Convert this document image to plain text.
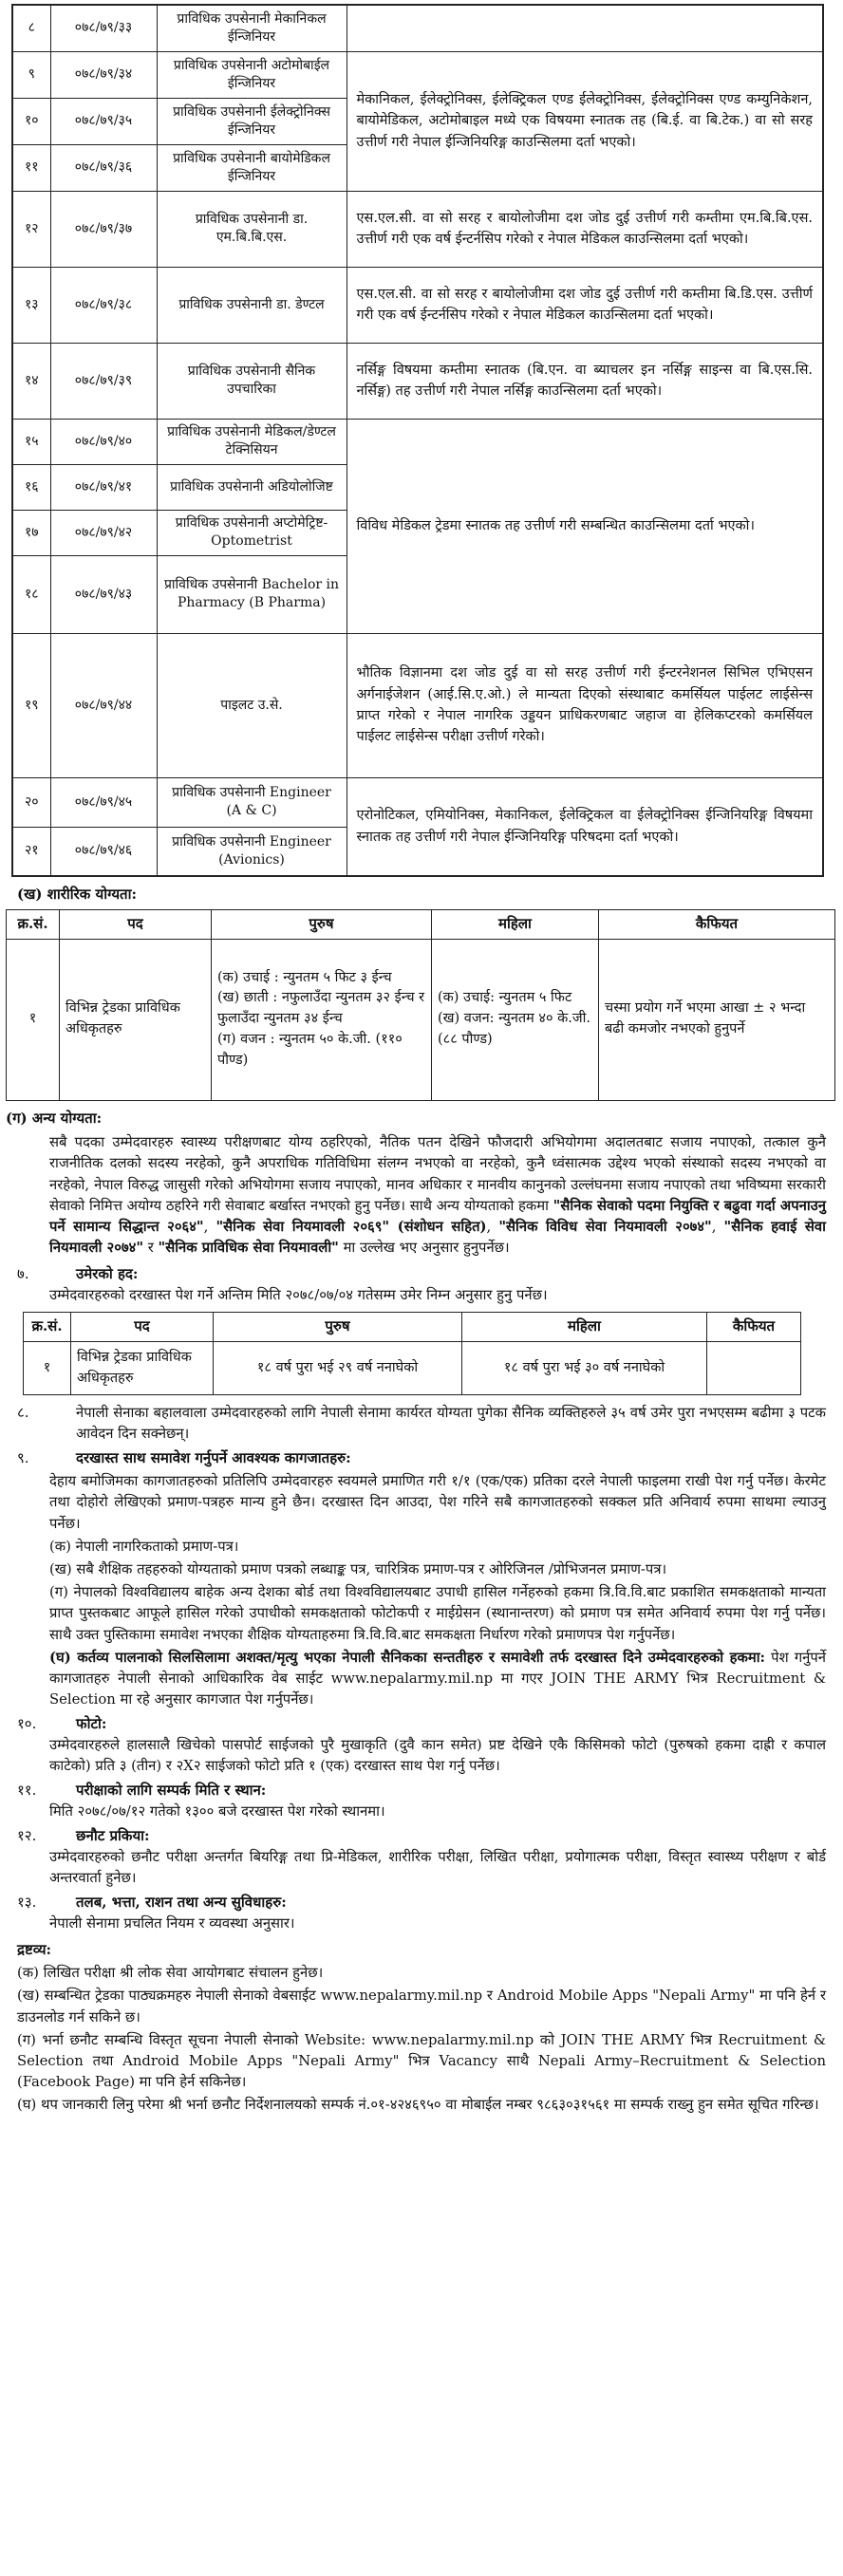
८	०७८/७९/३३	प्राविधिक उपसेनानी मेकानिकल ईन्जिनियर	
९	०७८/७९/३४	प्राविधिक उपसेनानी अटोमोबाईल ईन्जिनियर	मेकानिकल, ईलेक्ट्रोनिक्स, ईलेक्ट्रिकल एण्ड ईलेक्ट्रोनिक्स, ईलेक्ट्रोनिक्स एण्ड कम्युनिकेशन, बायोमेडिकल, अटोमोबाइल मध्ये एक विषयमा स्नातक तह (बि.ई. वा बि.टेक.) वा सो सरह उत्तीर्ण गरी नेपाल ईन्जिनियरिङ्ग काउन्सिलमा दर्ता भएको।
१०	०७८/७९/३५	प्राविधिक उपसेनानी ईलेक्ट्रोनिक्स ईन्जिनियर	
११	०७८/७९/३६	प्राविधिक उपसेनानी बायोमेडिकल ईन्जिनियर	
१२	०७८/७९/३७	प्राविधिक उपसेनानी डा. एम.बि.बि.एस.	एस.एल.सी. वा सो सरह र बायोलोजीमा दश जोड दुई उत्तीर्ण गरी कम्तीमा एम.बि.बि.एस. उत्तीर्ण गरी एक वर्ष ईन्टर्नसिप गरेको र नेपाल मेडिकल काउन्सिलमा दर्ता भएको।
१३	०७८/७९/३८	प्राविधिक उपसेनानी डा. डेण्टल	एस.एल.सी. वा सो सरह र बायोलोजीमा दश जोड दुई उत्तीर्ण गरी कम्तीमा बि.डि.एस. उत्तीर्ण गरी एक वर्ष ईन्टर्नसिप गरेको र नेपाल मेडिकल काउन्सिलमा दर्ता भएको।
१४	०७८/७९/३९	प्राविधिक उपसेनानी सैनिक उपचारिका	नर्सिङ्ग विषयमा कम्तीमा स्नातक (बि.एन. वा ब्याचलर इन नर्सिङ्ग साइन्स वा बि.एस.सि. नर्सिङ्ग) तह उत्तीर्ण गरी नेपाल नर्सिङ्ग काउन्सिलमा दर्ता भएको।
१५	०७८/७९/४०	प्राविधिक उपसेनानी मेडिकल/डेण्टल टेक्निसियन	विविध मेडिकल ट्रेडमा स्नातक तह उत्तीर्ण गरी सम्बन्धित काउन्सिलमा दर्ता भएको।
१६	०७८/७९/४१	प्राविधिक उपसेनानी अडियोलोजिष्ट	
१७	०७८/७९/४२	प्राविधिक उपसेनानी अप्टोमेट्रिष्ट- Optometrist	
१८	०७८/७९/४३	प्राविधिक उपसेनानी Bachelor in Pharmacy (B Pharma)	
१९	०७८/७९/४४	पाइलट उ.से.	भौतिक विज्ञानमा दश जोड दुई वा सो सरह उत्तीर्ण गरी ईन्टरनेशनल सिभिल एभिएसन अर्गनाईजेशन (आई.सि.ए.ओ.) ले मान्यता दिएको संस्थाबाट कमर्सियल पाईलट लाईसेन्स प्राप्त गरेको र नेपाल नागरिक उड्डयन प्राधिकरणबाट जहाज वा हेलिकप्टरको कमर्सियल पाईलट लाईसेन्स परीक्षा उत्तीर्ण गरेको।
२०	०७८/७९/४५	प्राविधिक उपसेनानी Engineer (A & C)	एरोनोटिकल, एमियोनिक्स, मेकानिकल, ईलेक्ट्रिकल वा ईलेक्ट्रोनिक्स ईन्जिनियरिङ्ग विषयमा स्नातक तह उत्तीर्ण गरी नेपाल ईन्जिनियरिङ्ग परिषदमा दर्ता भएको।
२१	०७८/७९/४६	प्राविधिक उपसेनानी Engineer (Avionics)	
(ख) शारीरिक योग्यता:
क्र.सं.	पद	पुरुष	महिला	कैफियत
१	विभिन्न ट्रेडका प्राविधिक अधिकृतहरु	(क) उचाई : न्युनतम ५ फिट ३ ईन्च
(ख) छाती : नफुलाउँदा न्युनतम ३२ ईन्च र फुलाउँदा न्युनतम ३४ ईन्च
(ग) वजन : न्युनतम ५० के.जी. (११० पौण्ड)	(क) उचाई: न्युनतम ५ फिट
(ख) वजन: न्युनतम ४० के.जी. (८८ पौण्ड)	चस्मा प्रयोग गर्ने भएमा आखा ± २ भन्दा बढी कमजोर नभएको हुनुपर्ने
(ग) अन्य योग्यता:
सबै पदका उम्मेदवारहरु स्वास्थ्य परीक्षणबाट योग्य ठहरिएको, नैतिक पतन देखिने फौजदारी अभियोगमा अदालतबाट सजाय नपाएको, तत्काल कुनै राजनीतिक दलको सदस्य नरहेको, कुनै अपराधिक गतिविधिमा संलग्न नभएको वा नरहेको, कुनै ध्वंसात्मक उद्देश्य भएको संस्थाको सदस्य नभएको वा नरहेको, नेपाल विरुद्ध जासुसी गरेको अभियोगमा सजाय नपाएको, मानव अधिकार र मानवीय कानुनको उल्लंघनमा सजाय नपाएको तथा भविष्यमा सरकारी सेवाको निमित्त अयोग्य ठहरिने गरी सेवाबाट बर्खास्त नभएको हुनु पर्नेछ। साथै अन्य योग्यताको हकमा "सैनिक सेवाको पदमा नियुक्ति र बढुवा गर्दा अपनाउनु पर्ने सामान्य सिद्धान्त २०६४", "सैनिक सेवा नियमावली २०६९" (संशोधन सहित), "सैनिक विविध सेवा नियमावली २०७४", "सैनिक हवाई सेवा नियमावली २०७४" र "सैनिक प्राविधिक सेवा नियमावली" मा उल्लेख भए अनुसार हुनुपर्नेछ।
७.	उमेरको हद:
उम्मेदवारहरुको दरखास्त पेश गर्ने अन्तिम मिति २०७८/०७/०४ गतेसम्म उमेर निम्न अनुसार हुनु पर्नेछ।
क्र.सं.	पद	पुरुष	महिला	कैफियत
१	विभिन्न ट्रेडका प्राविधिक अधिकृतहरु	१८ वर्ष पुरा भई २९ वर्ष ननाघेको	१८ वर्ष पुरा भई ३० वर्ष ननाघेको	
८.	नेपाली सेनाका बहालवाला उम्मेदवारहरुको लागि नेपाली सेनामा कार्यरत योग्यता पुगेका सैनिक व्यक्तिहरुले ३५ वर्ष उमेर पुरा नभएसम्म बढीमा ३ पटक आवेदन दिन सक्नेछन्।
९.	दरखास्त साथ समावेश गर्नुपर्ने आवश्यक कागजातहरु:
देहाय बमोजिमका कागजातहरुको प्रतिलिपि उम्मेदवारहरु स्वयमले प्रमाणित गरी १/१ (एक/एक) प्रतिका दरले नेपाली फाइलमा राखी पेश गर्नु पर्नेछ। केरमेट तथा दोहोरो लेखिएको प्रमाण-पत्रहरु मान्य हुने छैन। दरखास्त दिन आउदा, पेश गरिने सबै कागजातहरुको सक्कल प्रति अनिवार्य रुपमा साथमा ल्याउनु पर्नेछ।
(क) नेपाली नागरिकताको प्रमाण-पत्र।
(ख) सबै शैक्षिक तहहरुको योग्यताको प्रमाण पत्रको लब्धाङ्क पत्र, चारित्रिक प्रमाण-पत्र र ओरिजिनल /प्रोभिजनल प्रमाण-पत्र।
(ग) नेपालको विश्वविद्यालय बाहेक अन्य देशका बोर्ड तथा विश्वविद्यालयबाट उपाधी हासिल गर्नेहरुको हकमा त्रि.वि.वि.बाट प्रकाशित समकक्षताको मान्यता प्राप्त पुस्तकबाट आफूले हासिल गरेको उपाधीको समकक्षताको फोटोकपी र माईग्रेसन (स्थानान्तरण) को प्रमाण पत्र समेत अनिवार्य रुपमा पेश गर्नु पर्नेछ। साथै उक्त पुस्तिकामा समावेश नभएका शैक्षिक योग्यताहरुमा त्रि.वि.वि.बाट समकक्षता निर्धारण गरेको प्रमाणपत्र पेश गर्नुपर्नेछ।
(घ) कर्तव्य पालनाको सिलसिलामा अशक्त/मृत्यु भएका नेपाली सैनिकका सन्ततीहरु र समावेशी तर्फ दरखास्त दिने उम्मेदवारहरुको हकमा: पेश गर्नुपर्ने कागजातहरु नेपाली सेनाको आधिकारिक वेब साईट www.nepalarmy.mil.np मा गएर JOIN THE ARMY भित्र Recruitment & Selection मा रहे अनुसार कागजात पेश गर्नुपर्नेछ।
१०.	फोटो:
उम्मेदवारहरुले हालसालै खिचेको पासपोर्ट साईजको पुरै मुखाकृति (दुवै कान समेत) प्रष्ट देखिने एकै किसिमको फोटो (पुरुषको हकमा दाह्री र कपाल काटेको) प्रति ३ (तीन) र २X२ साईजको फोटो प्रति १ (एक) दरखास्त साथ पेश गर्नु पर्नेछ।
११.	परीक्षाको लागि सम्पर्क मिति र स्थान:
मिति २०७८/०७/१२ गतेको १३०० बजे दरखास्त पेश गरेको स्थानमा।
१२.	छनौट प्रकिया:
उम्मेदवारहरुको छनौट परीक्षा अन्तर्गत बियरिङ्ग तथा प्रि-मेडिकल, शारीरिक परीक्षा, लिखित परीक्षा, प्रयोगात्मक परीक्षा, विस्तृत स्वास्थ्य परीक्षण र बोर्ड अन्तरवार्ता हुनेछ।
१३.	तलब, भत्ता, राशन तथा अन्य सुविधाहरु:
नेपाली सेनामा प्रचलित नियम र व्यवस्था अनुसार।
द्रष्टव्य:
(क) लिखित परीक्षा श्री लोक सेवा आयोगबाट संचालन हुनेछ।
(ख) सम्बन्धित ट्रेडका पाठ्यक्रमहरु नेपाली सेनाको वेबसाईट www.nepalarmy.mil.np र Android Mobile Apps "Nepali Army" मा पनि हेर्न र डाउनलोड गर्न सकिने छ।
(ग) भर्ना छनौट सम्बन्धि विस्तृत सूचना नेपाली सेनाको Website: www.nepalarmy.mil.np को JOIN THE ARMY भित्र Recruitment & Selection तथा Android Mobile Apps "Nepali Army" भित्र Vacancy साथै Nepali Army–Recruitment & Selection (Facebook Page) मा पनि हेर्न सकिनेछ।
(घ) थप जानकारी लिनु परेमा श्री भर्ना छनौट निर्देशनालयको सम्पर्क नं.०१-४२४६९५० वा मोबाईल नम्बर ९८६३०३१५६१ मा सम्पर्क राख्नु हुन समेत सूचित गरिन्छ।
